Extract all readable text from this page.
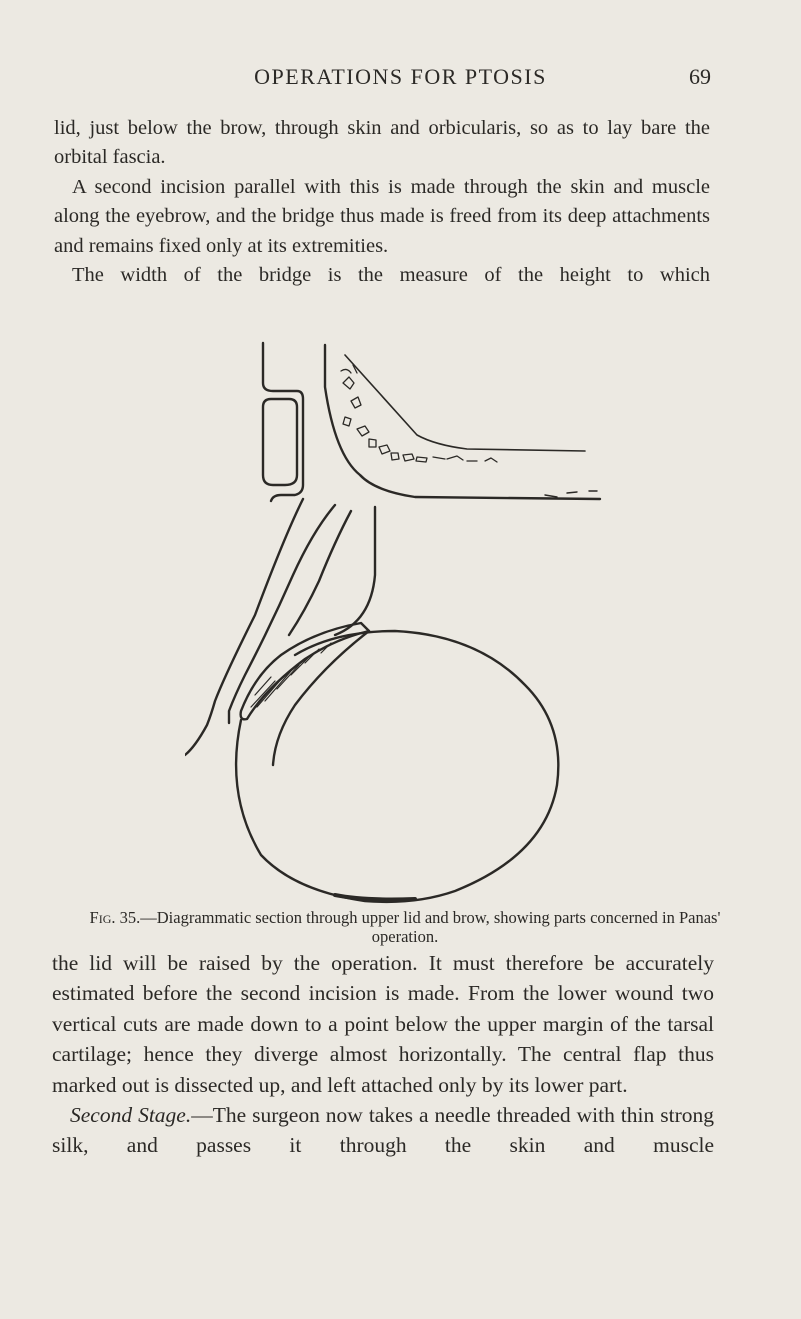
OPERATIONS FOR PTOSIS	69

lid, just below the brow, through skin and orbicularis, so as to lay bare the orbital fascia.

A second incision parallel with this is made through the skin and muscle along the eyebrow, and the bridge thus made is freed from its deep attachments and remains fixed only at its extremities.

The width of the bridge is the measure of the height to which

Fig. 35.—Diagrammatic section through upper lid and brow, showing parts concerned in Panas' operation.

the lid will be raised by the operation. It must therefore be accurately estimated before the second incision is made. From the lower wound two vertical cuts are made down to a point below the upper margin of the tarsal cartilage; hence they diverge almost horizontally. The central flap thus marked out is dissected up, and left attached only by its lower part.

Second Stage.—The surgeon now takes a needle threaded with thin strong silk, and passes it through the skin and muscle
